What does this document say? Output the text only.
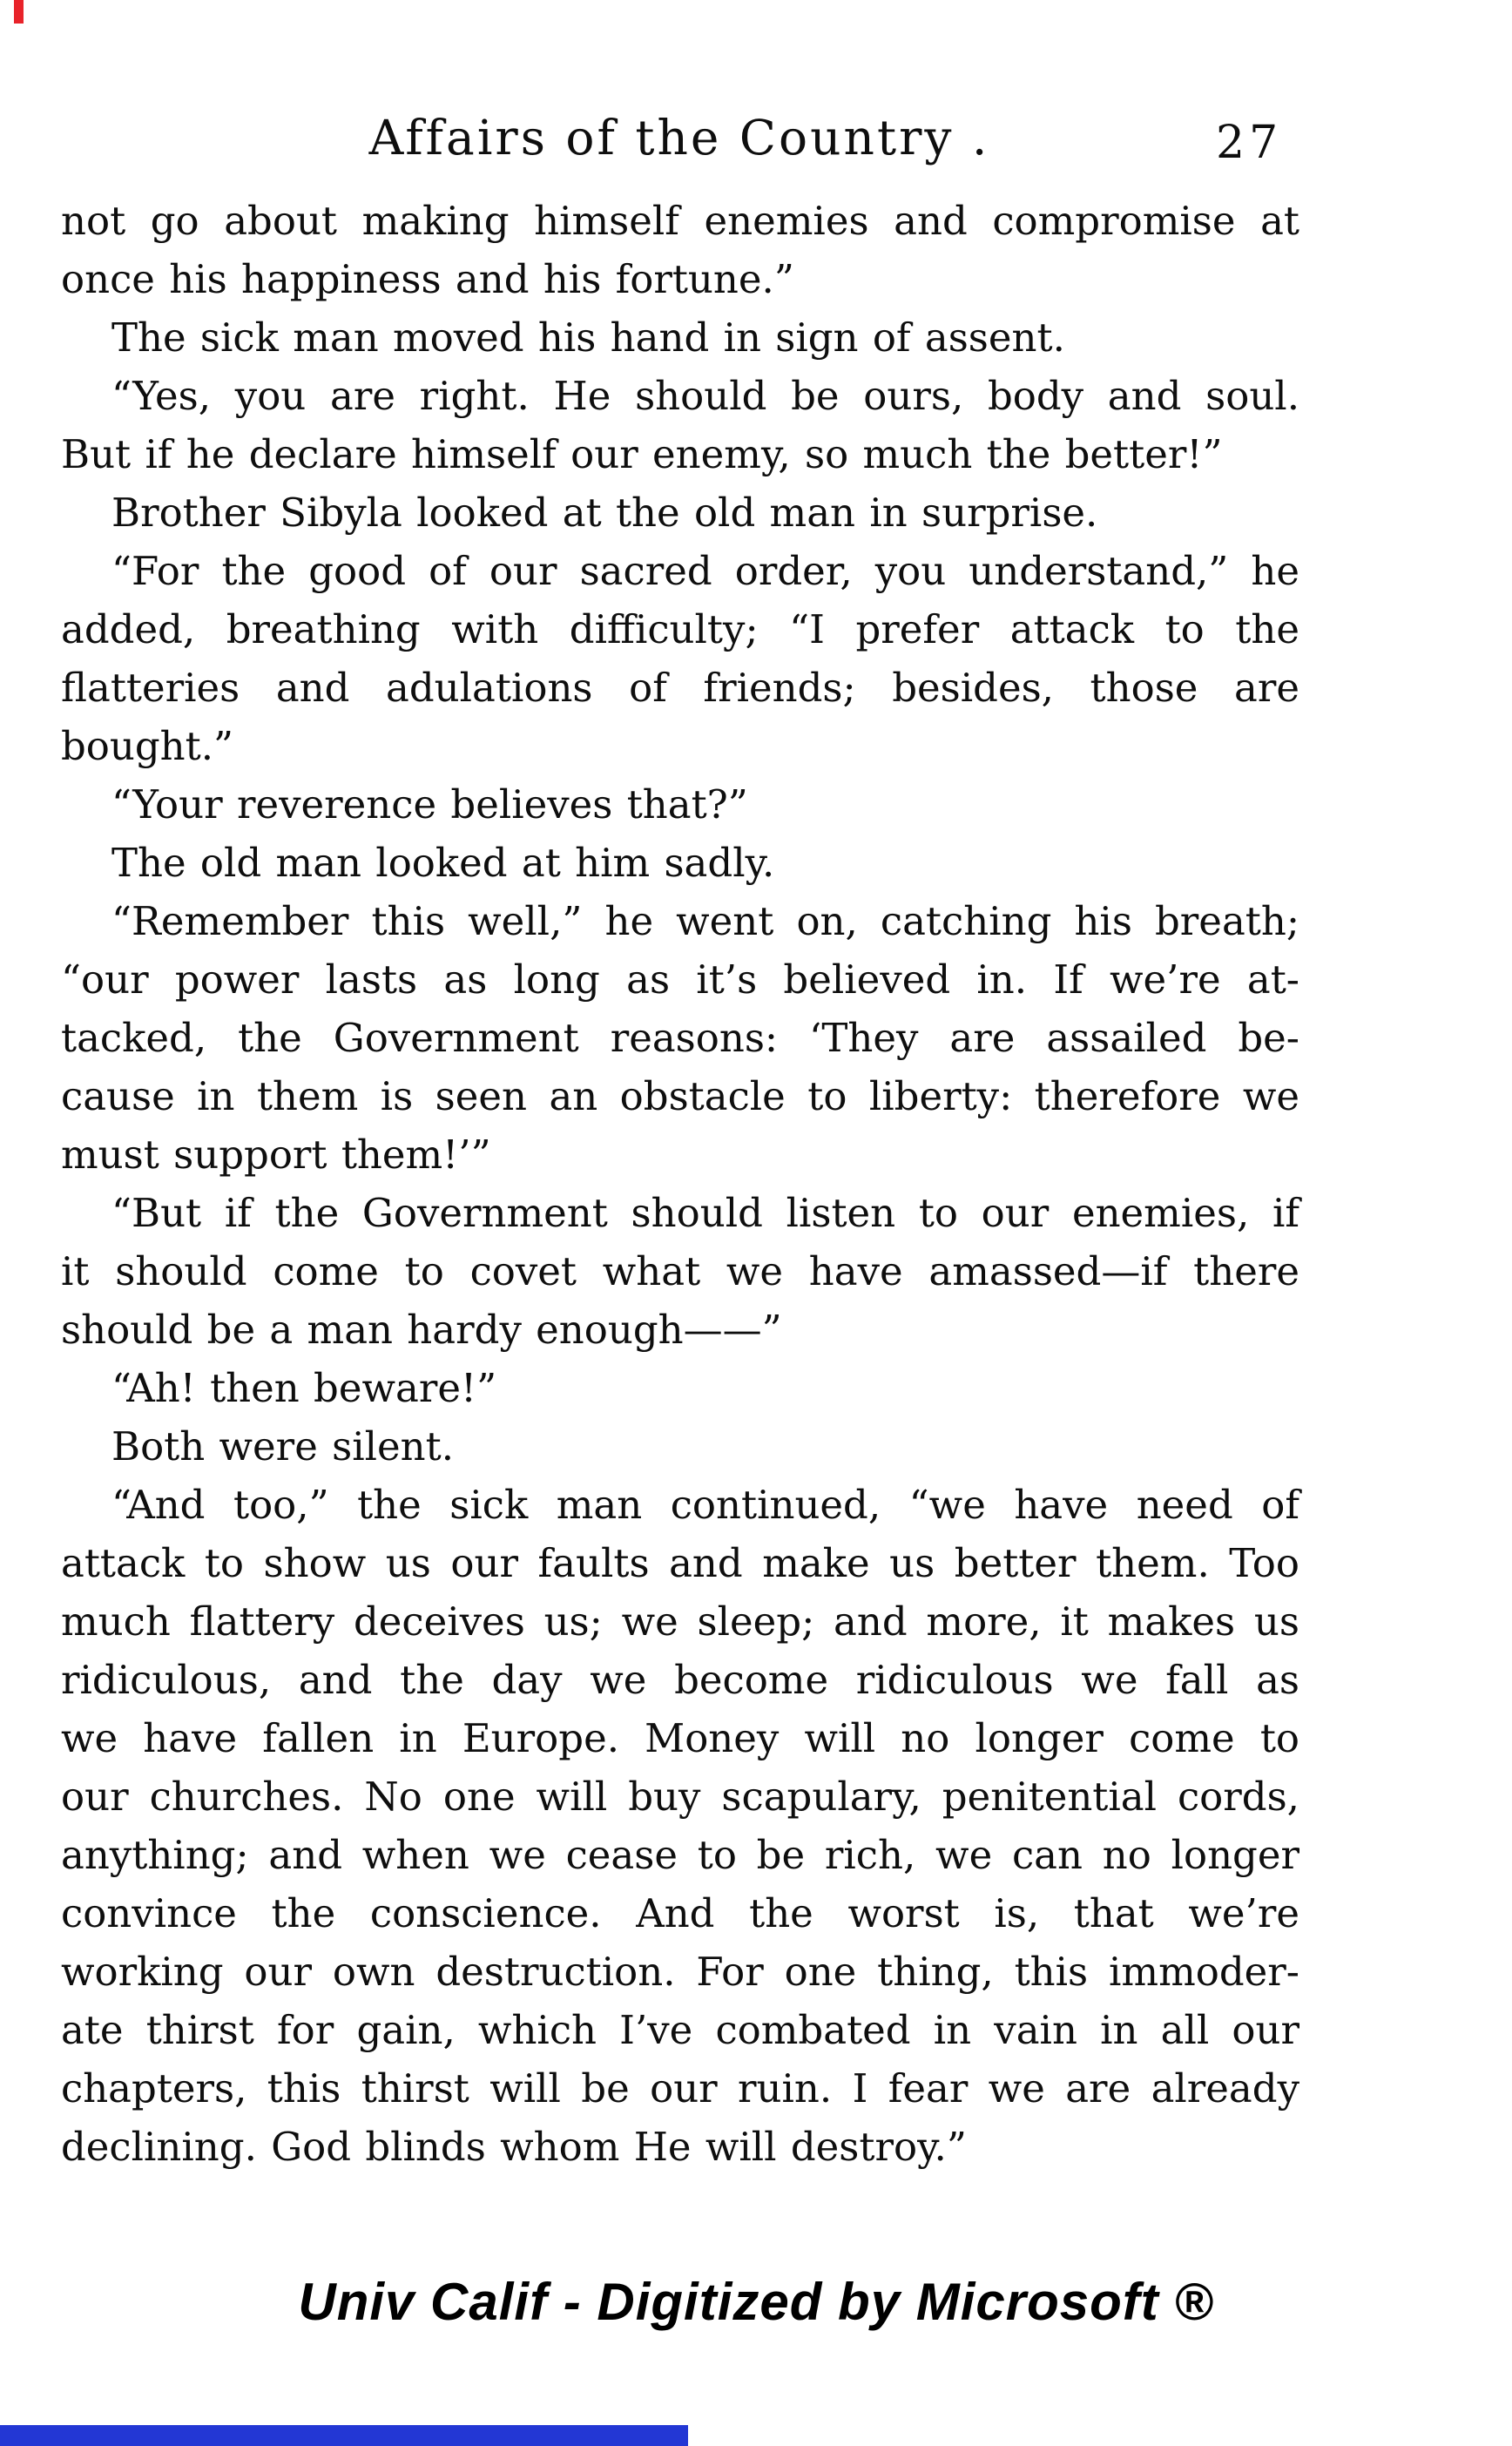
Affairs of the Country .	27
not go about making himself enemies and compromise at
once his happiness and his fortune.”
The sick man moved his hand in sign of assent.
“Yes, you are right. He should be ours, body and soul.
But if he declare himself our enemy, so much the better!”
Brother Sibyla looked at the old man in surprise.
“For the good of our sacred order, you understand,” he
added, breathing with difficulty; “I prefer attack to the
flatteries and adulations of friends; besides, those are
bought.”
“Your reverence believes that?”
The old man looked at him sadly.
“Remember this well,” he went on, catching his breath;
“our power lasts as long as it’s believed in. If we’re at-
tacked, the Government reasons: ‘They are assailed be-
cause in them is seen an obstacle to liberty: therefore we
must support them!’”
“But if the Government should listen to our enemies, if
it should come to covet what we have amassed—if there
should be a man hardy enough——”
“Ah! then beware!”
Both were silent.
“And too,” the sick man continued, “we have need of
attack to show us our faults and make us better them. Too
much flattery deceives us; we sleep; and more, it makes us
ridiculous, and the day we become ridiculous we fall as
we have fallen in Europe. Money will no longer come to
our churches. No one will buy scapulary, penitential cords,
anything; and when we cease to be rich, we can no longer
convince the conscience. And the worst is, that we’re
working our own destruction. For one thing, this immoder-
ate thirst for gain, which I’ve combated in vain in all our
chapters, this thirst will be our ruin. I fear we are already
declining. God blinds whom He will destroy.”
Univ Calif - Digitized by Microsoft ®
